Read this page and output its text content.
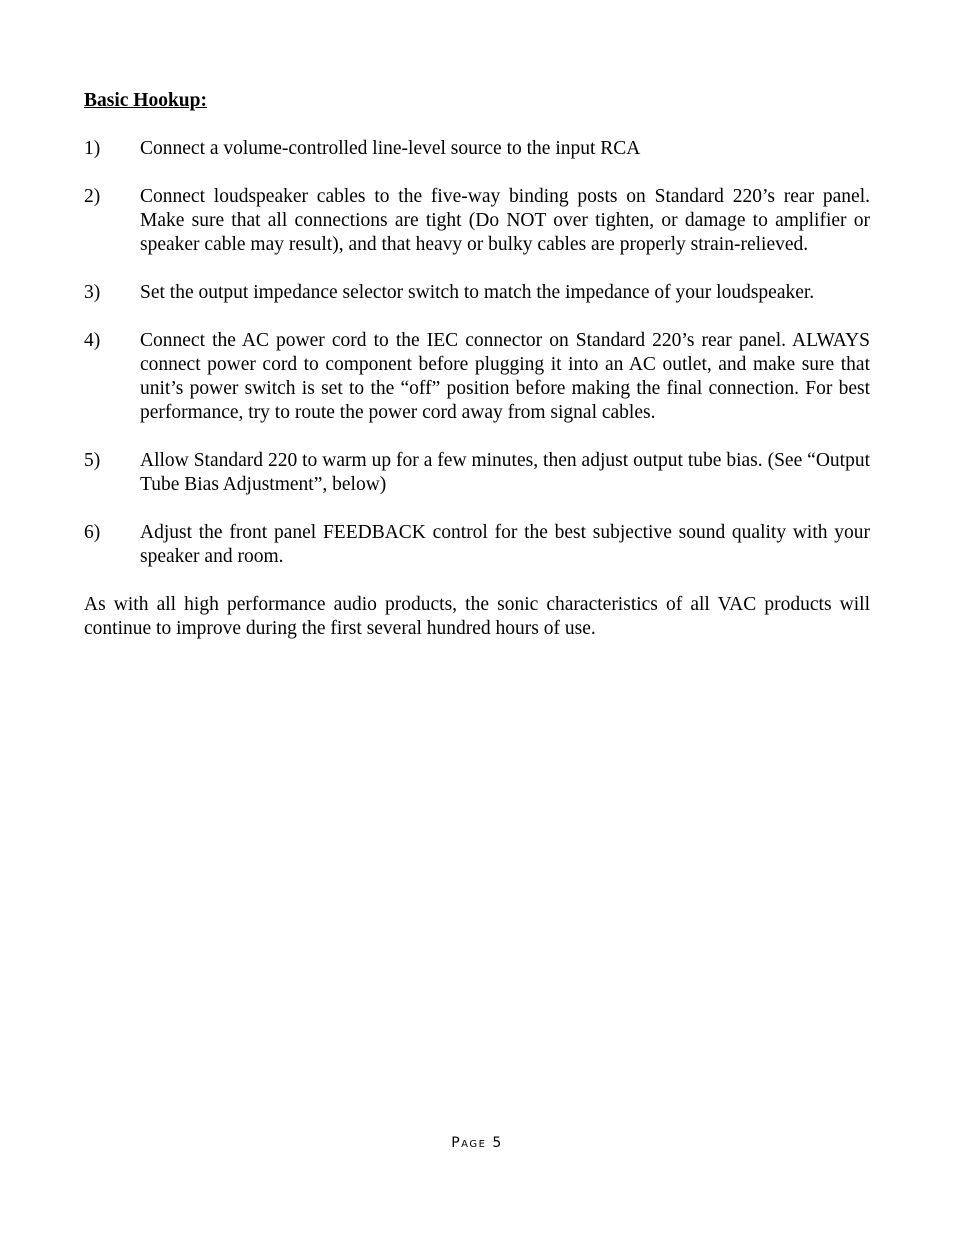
Basic Hookup:
1)	Connect a volume-controlled line-level source to the input RCA
2)	Connect loudspeaker cables to the five-way binding posts on Standard 220’s rear panel. Make sure that all connections are tight (Do NOT over tighten, or damage to amplifier or speaker cable may result), and that heavy or bulky cables are properly strain-relieved.
3)	Set the output impedance selector switch to match the impedance of your loudspeaker.
4)	Connect the AC power cord to the IEC connector on Standard 220’s rear panel. ALWAYS connect power cord to component before plugging it into an AC outlet, and make sure that unit’s power switch is set to the “off” position before making the final connection. For best performance, try to route the power cord away from signal cables.
5)	Allow Standard 220 to warm up for a few minutes, then adjust output tube bias. (See “Output Tube Bias Adjustment”, below)
6)	Adjust the front panel FEEDBACK control for the best subjective sound quality with your speaker and room.

As with all high performance audio products, the sonic characteristics of all VAC products will continue to improve during the first several hundred hours of use.

Page 5
